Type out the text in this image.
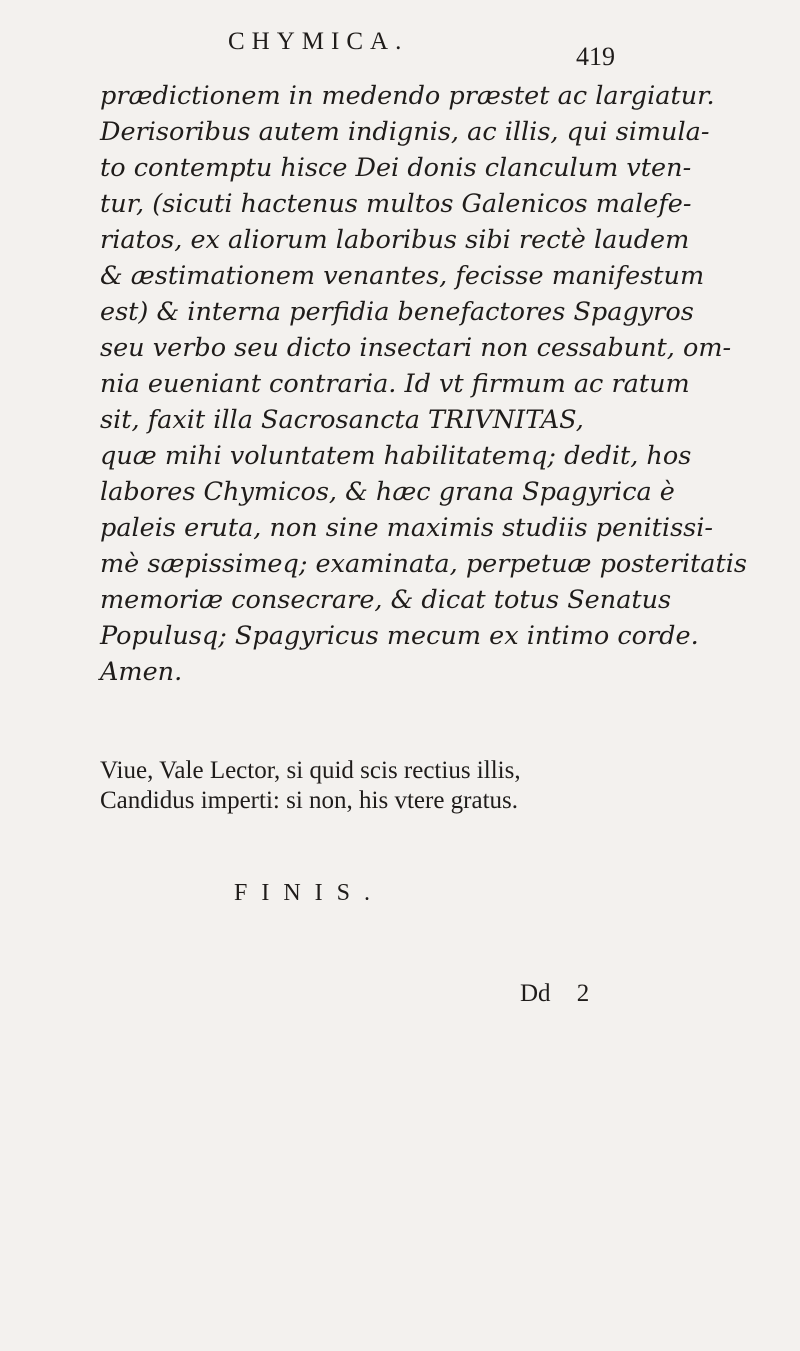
CHYMICA.
419
prædictionem in medendo præstet ac largiatur.
Derisoribus autem indignis, ac illis, qui simula-
to contemptu hisce Dei donis clanculum vten-
tur, (sicuti hactenus multos Galenicos malefe-
riatos, ex aliorum laboribus sibi rectè laudem
& æstimationem venantes, fecisse manifestum
est) & interna perfidia benefactores Spagyros
seu verbo seu dicto insectari non cessabunt, om-
nia eueniant contraria. Id vt firmum ac ratum
sit, faxit illa Sacrosancta TRIVNITAS,
quæ mihi voluntatem habilitatemq; dedit, hos
labores Chymicos, & hæc grana Spagyrica è
paleis eruta, non sine maximis studiis penitissi-
mè sæpissimeq; examinata, perpetuæ posteritatis
memoriæ consecrare, & dicat totus Senatus
Populusq; Spagyricus mecum ex intimo corde.
Amen.
Viue, Vale Lector, si quid scis rectius illis,
Candidus imperti: si non, his vtere gratus.
FINIS.
Dd 2
